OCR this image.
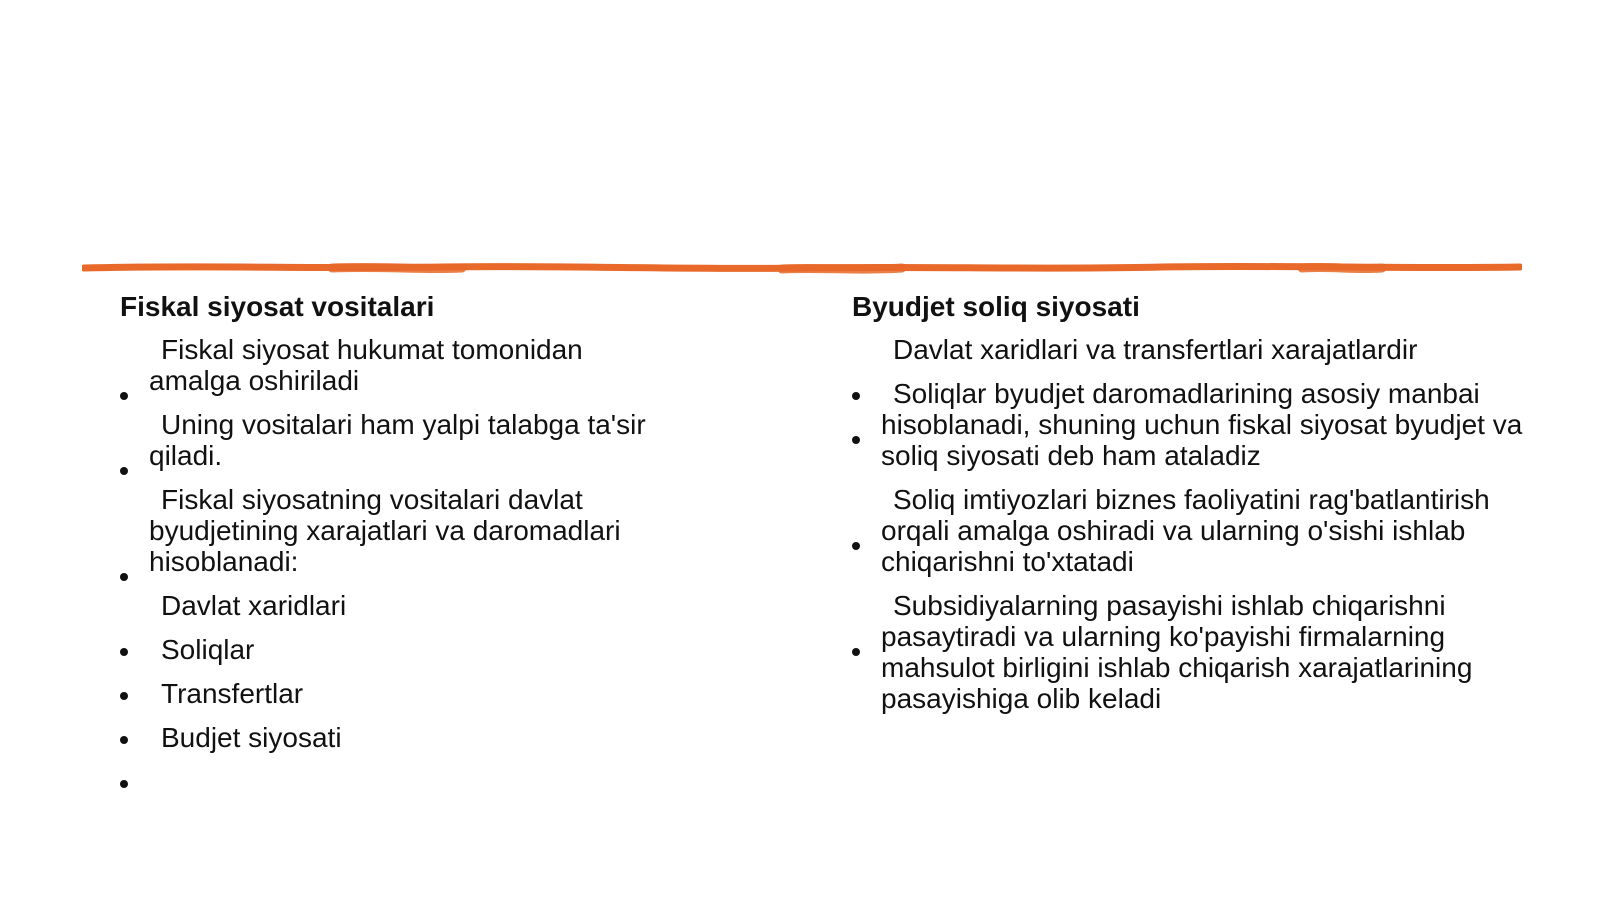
Fiskal siyosat vositalari
Fiskal siyosat hukumat tomonidan amalga oshiriladi
Uning vositalari ham yalpi talabga ta'sir qiladi.
Fiskal siyosatning vositalari davlat byudjetining xarajatlari va daromadlari hisoblanadi:
Davlat xaridlari
Soliqlar
Transfertlar
Budjet siyosati
Byudjet soliq siyosati
Davlat xaridlari va transfertlari xarajatlardir
Soliqlar byudjet daromadlarining asosiy manbai hisoblanadi, shuning uchun fiskal siyosat byudjet va soliq siyosati deb ham ataladiz
Soliq imtiyozlari biznes faoliyatini rag'batlantirish orqali amalga oshiradi va ularning o'sishi ishlab chiqarishni to'xtatadi
Subsidiyalarning pasayishi ishlab chiqarishni pasaytiradi va ularning ko'payishi firmalarning mahsulot birligini ishlab chiqarish xarajatlarining pasayishiga olib keladi
